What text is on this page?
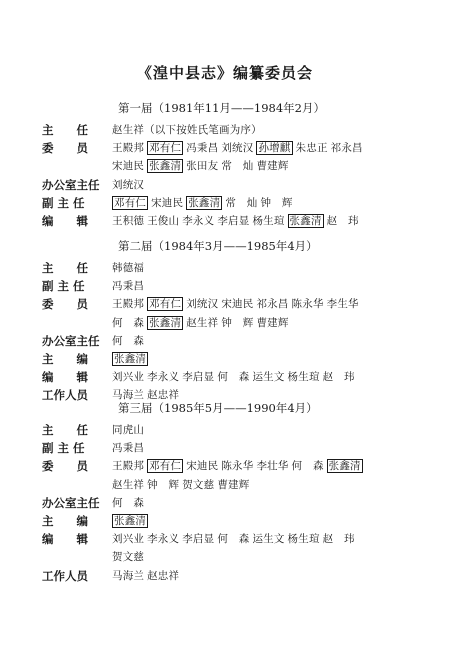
《湟中县志》编纂委员会
第一届（1981年11月——1984年2月）
主　　任	赵生祥（以下按姓氏笔画为序）
委　　员	王殿邦 邓有仁 冯秉昌 刘统汉 孙增麒 朱忠正 祁永昌
宋迪民 张鑫清 张田友 常　灿 曹建辉
办公室主任	刘统汉
副 主 任	邓有仁 宋迪民 张鑫清 常　灿 钟　辉
编　　辑	王积德 王俊山 李永义 李启显 杨生瑄 张鑫清 赵　玮
第二届（1984年3月——1985年4月）
主　　任	韩德福
副 主 任	冯秉昌
委　　员	王殿邦 邓有仁 刘统汉 宋迪民 祁永昌 陈永华 李生华
何　森 张鑫清 赵生祥 钟　辉 曹建辉
办公室主任	何　森
主　　编	张鑫清
编　　辑	刘兴业 李永义 李启显 何　森 运生文 杨生瑄 赵　玮
工作人员	马海兰 赵忠祥
第三届（1985年5月——1990年4月）
主　　任	同虎山
副 主 任	冯秉昌
委　　员	王殿邦 邓有仁 宋迪民 陈永华 李壮华 何　森 张鑫清
赵生祥 钟　辉 贺文慈 曹建辉
办公室主任	何　森
主　　编	张鑫清
编　　辑	刘兴业 李永义 李启显 何　森 运生文 杨生瑄 赵　玮
贺文慈
工作人员	马海兰 赵忠祥
